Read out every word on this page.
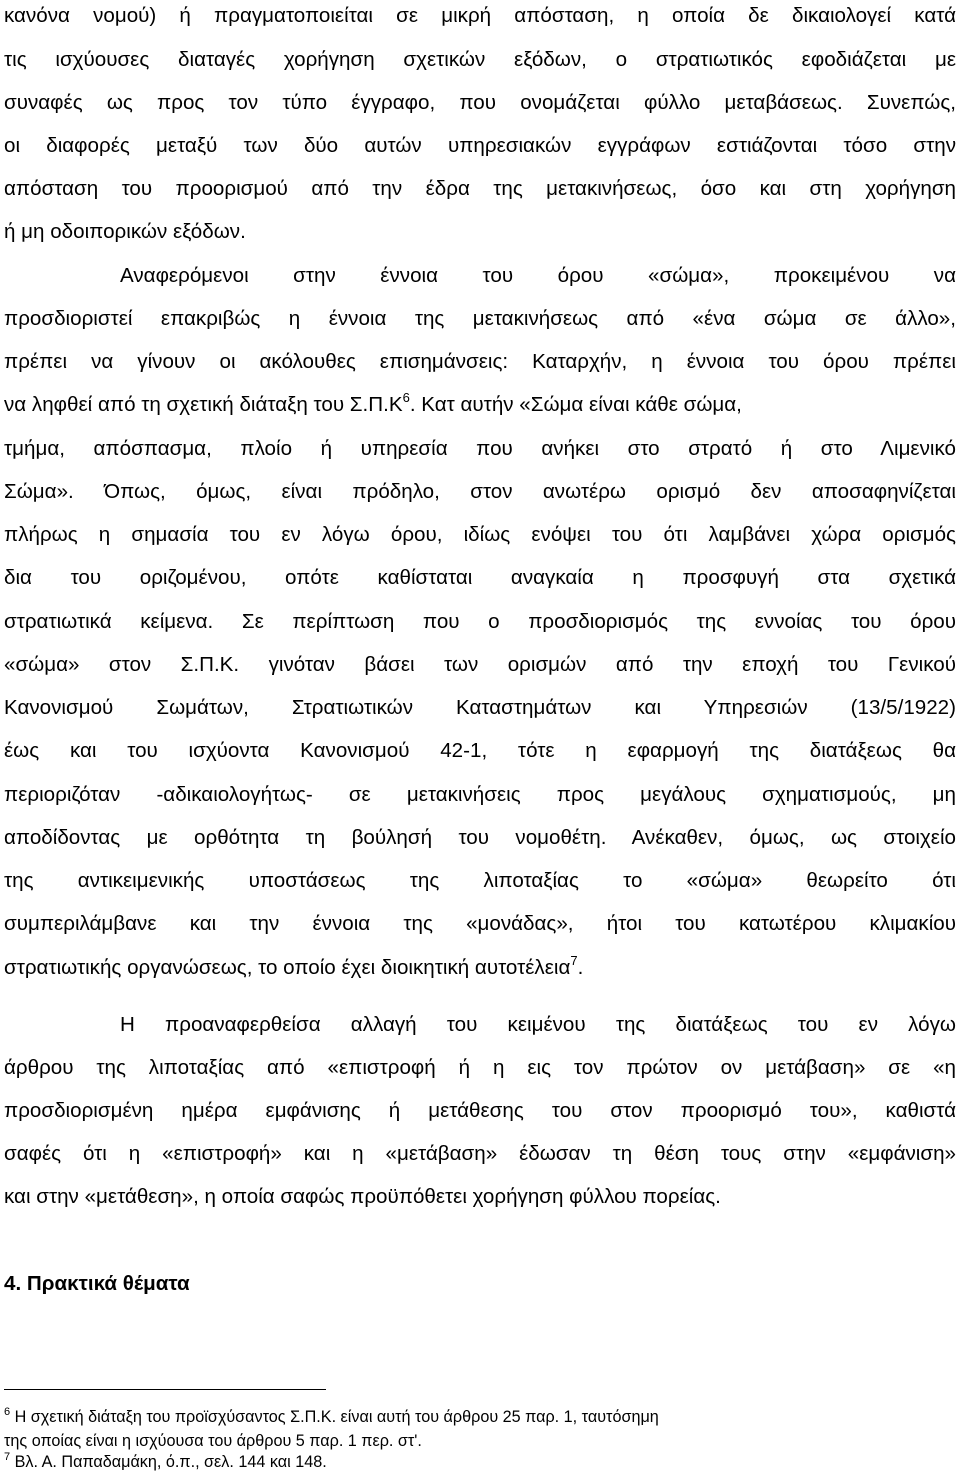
κανόνα νομού) ή πραγματοποιείται σε μικρή απόσταση, η οποία δε δικαιολογεί κατά
τις ισχύουσες διαταγές χορήγηση σχετικών εξόδων, ο στρατιωτικός εφοδιάζεται με
συναφές ως προς τον τύπο έγγραφο, που ονομάζεται φύλλο μεταβάσεως. Συνεπώς,
οι διαφορές μεταξύ των δύο αυτών υπηρεσιακών εγγράφων εστιάζονται τόσο στην
απόσταση του προορισμού από την έδρα της μετακινήσεως, όσο και στη χορήγηση
ή μη οδοιπορικών εξόδων.
Αναφερόμενοι στην έννοια του όρου «σώμα», προκειμένου να
προσδιοριστεί επακριβώς η έννοια της μετακινήσεως από «ένα σώμα σε άλλο»,
πρέπει να γίνουν οι ακόλουθες επισημάνσεις: Καταρχήν, η έννοια του όρου πρέπει
να ληφθεί από τη σχετική διάταξη του $\Sigma.\Pi.K^6$. Κατ αυτήν «Σώμα είναι κάθε σώμα,
τμήμα, απόσπασμα, πλοίο ή υπηρεσία που ανήκει στο στρατό ή στο Λιμενικό
Σώμα». Όπως, όμως, είναι πρόδηλο, στον ανωτέρω ορισμό δεν αποσαφηνίζεται
πλήρως η σημασία του εν λόγω όρου, ιδίως ενόψει του ότι λαμβάνει χώρα ορισμός
δια του οριζομένου, οπότε καθίσταται αναγκαία η προσφυγή στα σχετικά
στρατιωτικά κείμενα. Σε περίπτωση που ο προσδιορισμός της εννοίας του όρου
«σώμα» στον Σ.Π.Κ. γινόταν βάσει των ορισμών από την εποχή του Γενικού
Κανονισμού Σωμάτων, Στρατιωτικών Καταστημάτων και Υπηρεσιών (13/5/1922)
έως και του ισχύοντα Κανονισμού 42-1, τότε η εφαρμογή της διατάξεως θα
περιοριζόταν -αδικαιολογήτως- σε μετακινήσεις προς μεγάλους σχηματισμούς, μη
αποδίδοντας με ορθότητα τη βούλησή του νομοθέτη. Ανέκαθεν, όμως, ως στοιχείο
της αντικειμενικής υποστάσεως της λιποταξίας το «σώμα» θεωρείτο ότι
συμπεριλάμβανε και την έννοια της «μονάδας», ήτοι του κατωτέρου κλιμακίου
στρατιωτικής οργανώσεως, το οποίο έχει διοικητική αυτοτέλεια$^7$.
Η προαναφερθείσα αλλαγή του κειμένου της διατάξεως του εν λόγω
άρθρου της λιποταξίας από «επιστροφή ή η εις τον πρώτον ον μετάβαση» σε «η
προσδιορισμένη ημέρα εμφάνισης ή μετάθεσης του στον προορισμό του», καθιστά
σαφές ότι η «επιστροφή» και η «μετάβαση» έδωσαν τη θέση τους στην «εμφάνιση»
και στην «μετάθεση», η οποία σαφώς προϋπόθετει χορήγηση φύλλου πορείας.
4. Πρακτικά θέματα
$^6$ Η σχετική διάταξη του προϊσχύσαντος Σ.Π.Κ. είναι αυτή του άρθρου 25 παρ. 1, ταυτόσημη
της οποίας είναι η ισχύουσα του άρθρου 5 παρ. 1 περ. στ'.
$^7$ Βλ. Α. Παπαδαμάκη, ό.π., σελ. 144 και 148.
